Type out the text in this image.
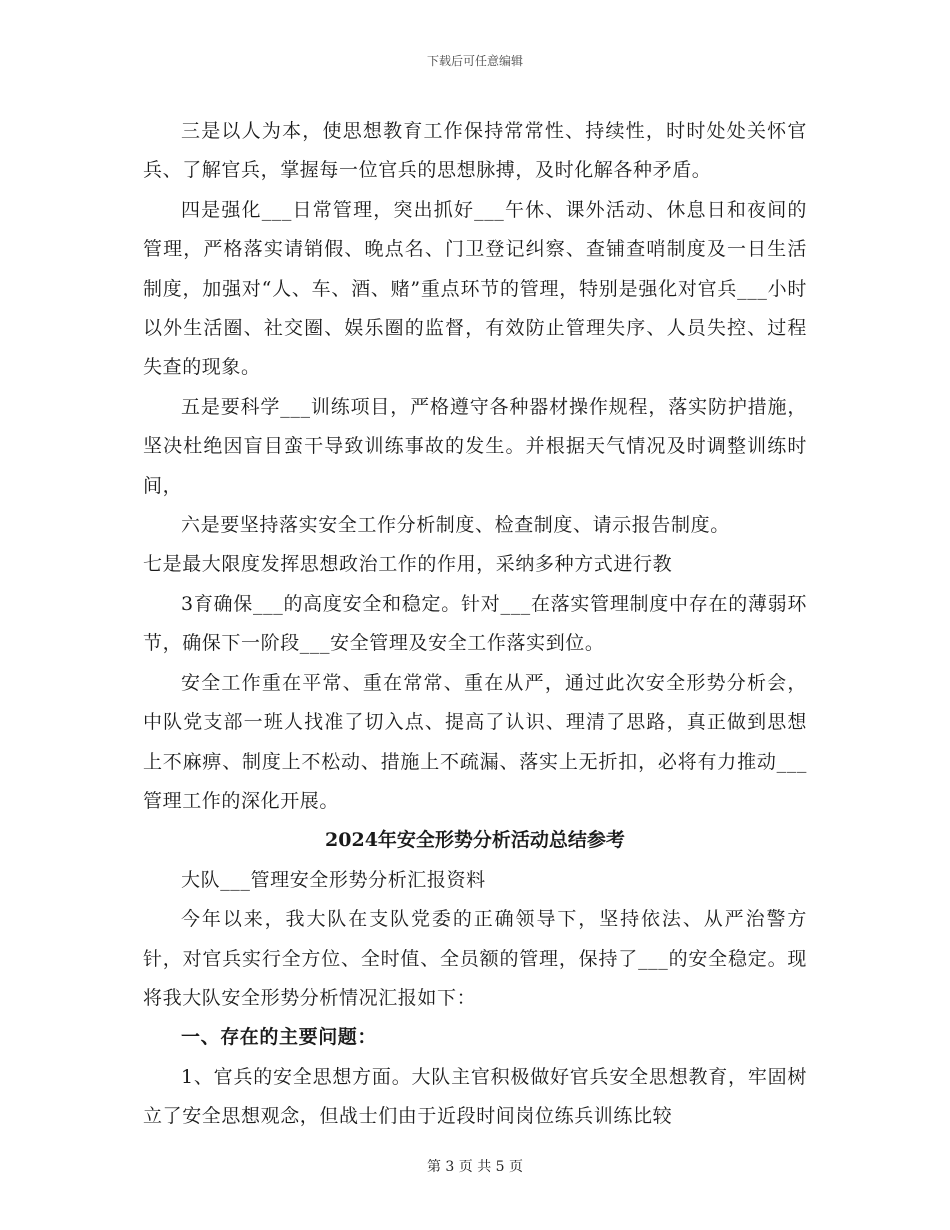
下载后可任意编辑

三是以人为本，使思想教育工作保持常常性、持续性，时时处处关怀官兵、了解官兵，掌握每一位官兵的思想脉搏，及时化解各种矛盾。

四是强化___日常管理，突出抓好___午休、课外活动、休息日和夜间的管理，严格落实请销假、晚点名、门卫登记纠察、查铺查哨制度及一日生活制度，加强对“人、车、酒、赌”重点环节的管理，特别是强化对官兵___小时以外生活圈、社交圈、娱乐圈的监督，有效防止管理失序、人员失控、过程失查的现象。

五是要科学___训练项目，严格遵守各种器材操作规程，落实防护措施，坚决杜绝因盲目蛮干导致训练事故的发生。并根据天气情况及时调整训练时间，

六是要坚持落实安全工作分析制度、检查制度、请示报告制度。

七是最大限度发挥思想政治工作的作用，采纳多种方式进行教

3育确保___的高度安全和稳定。针对___在落实管理制度中存在的薄弱环节，确保下一阶段___安全管理及安全工作落实到位。

安全工作重在平常、重在常常、重在从严，通过此次安全形势分析会，中队党支部一班人找准了切入点、提高了认识、理清了思路，真正做到思想上不麻痹、制度上不松动、措施上不疏漏、落实上无折扣，必将有力推动___管理工作的深化开展。

2024年安全形势分析活动总结参考

大队___管理安全形势分析汇报资料

今年以来，我大队在支队党委的正确领导下，坚持依法、从严治警方针，对官兵实行全方位、全时值、全员额的管理，保持了___的安全稳定。现将我大队安全形势分析情况汇报如下：

一、存在的主要问题：

1、官兵的安全思想方面。大队主官积极做好官兵安全思想教育，牢固树立了安全思想观念，但战士们由于近段时间岗位练兵训练比较

第 3 页 共 5 页
